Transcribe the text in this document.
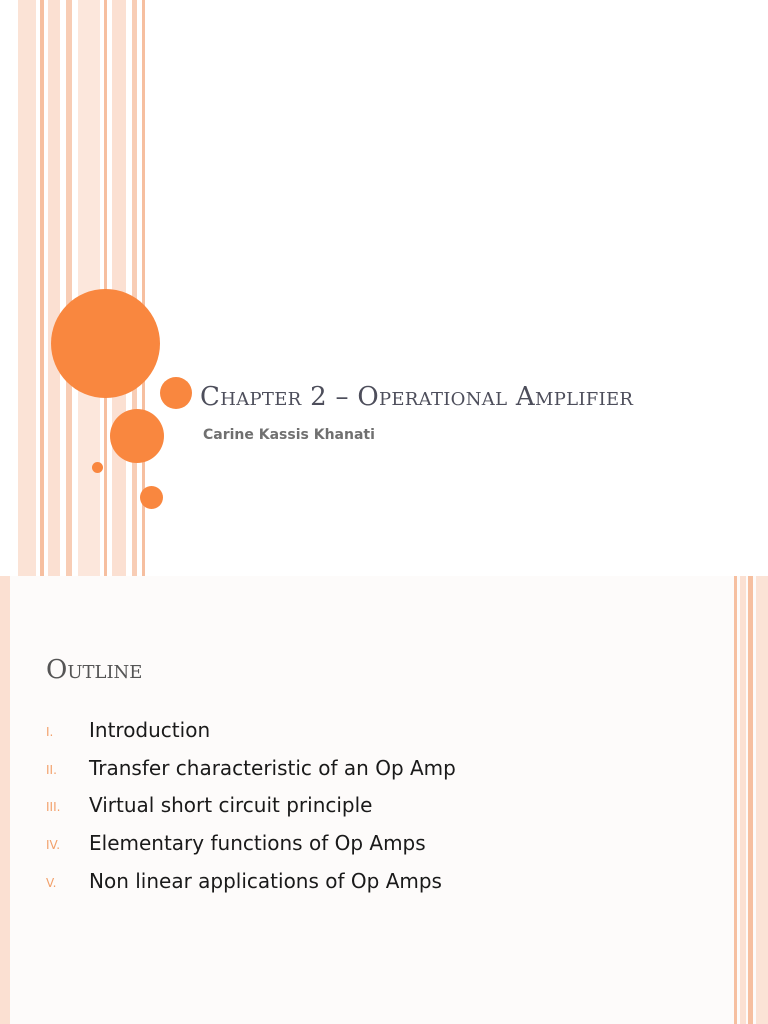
Chapter 2 – Operational Amplifier
Carine Kassis Khanati
Outline
I. Introduction
II. Transfer characteristic of an Op Amp
III. Virtual short circuit principle
IV. Elementary functions of Op Amps
V. Non linear applications of Op Amps
